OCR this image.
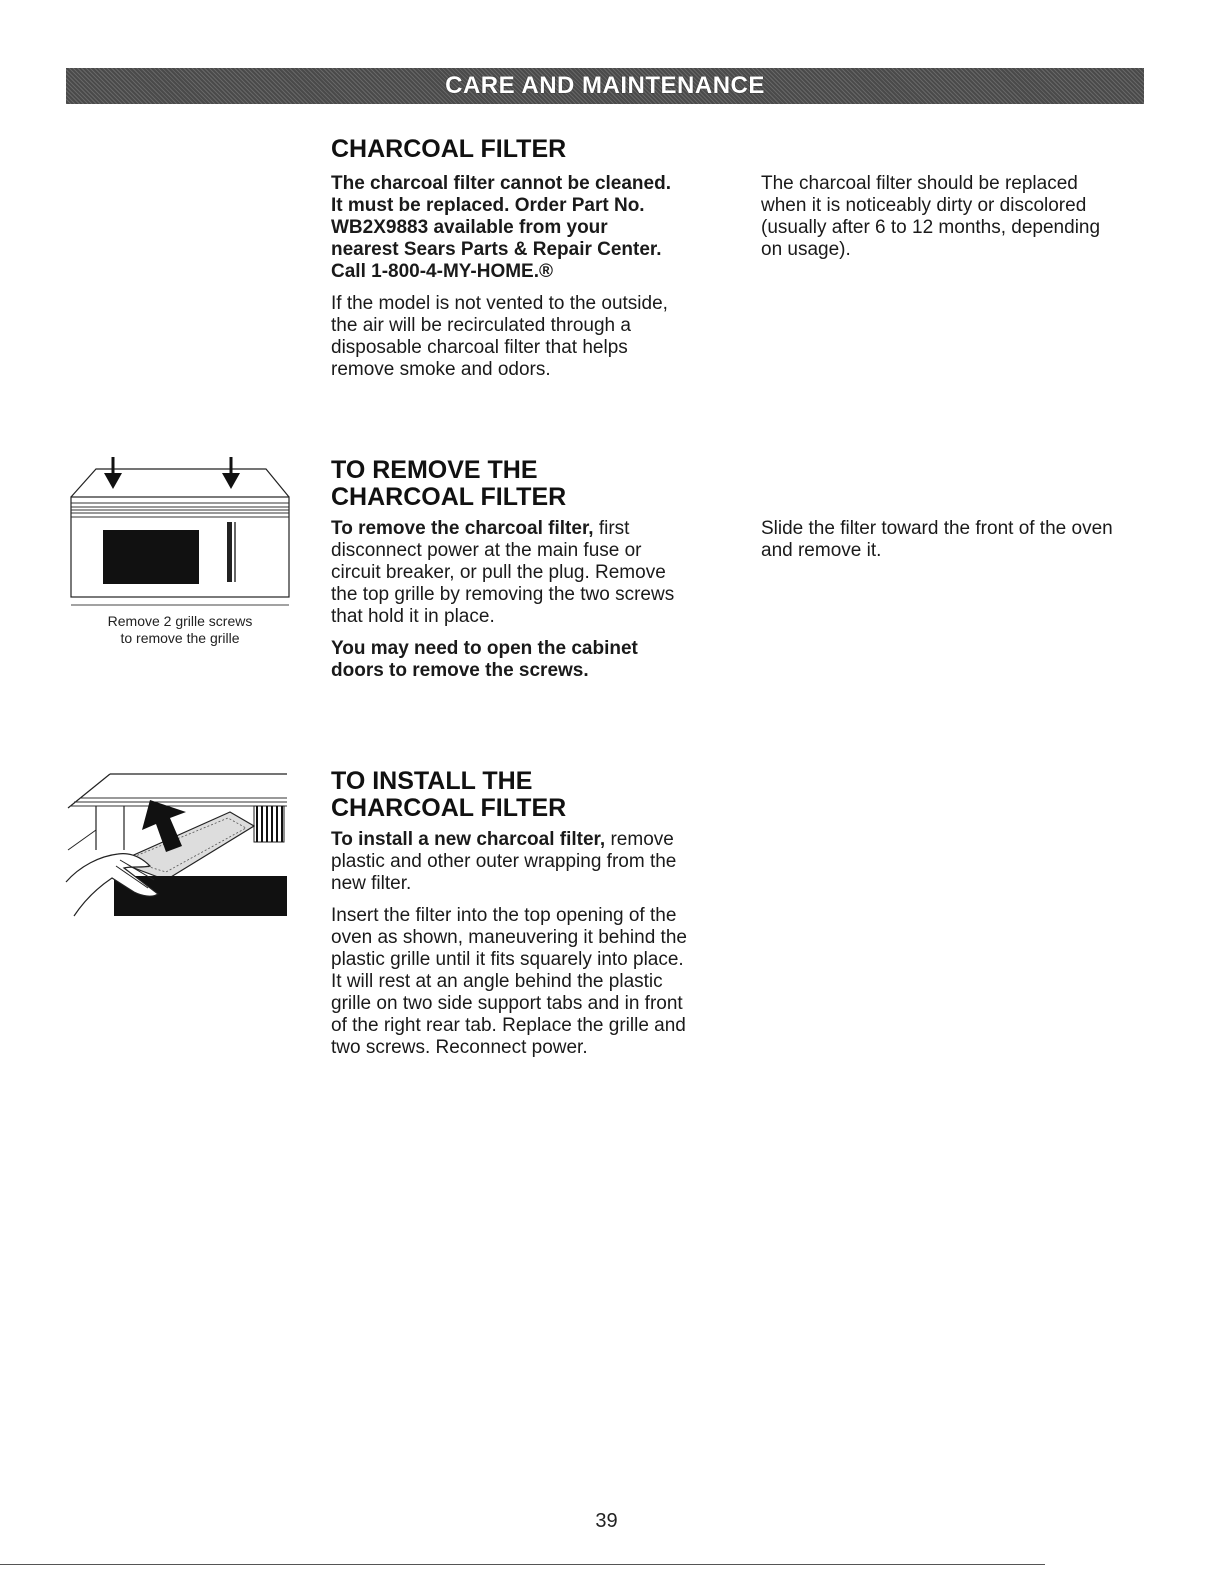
CARE AND MAINTENANCE
CHARCOAL FILTER

The charcoal filter cannot be cleaned.
It must be replaced. Order Part No.
WB2X9883 available from your
nearest Sears Parts & Repair Center.
Call 1-800-4-MY-HOME.®

If the model is not vented to the outside,
the air will be recirculated through a
disposable charcoal filter that helps
remove smoke and odors.

The charcoal filter should be replaced
when it is noticeably dirty or discolored
(usually after 6 to 12 months, depending
on usage).

Remove 2 grille screws
to remove the grille
TO REMOVE THE
CHARCOAL FILTER

To remove the charcoal filter, first
disconnect power at the main fuse or
circuit breaker, or pull the plug. Remove
the top grille by removing the two screws
that hold it in place.

You may need to open the cabinet
doors to remove the screws.

Slide the filter toward the front of the oven
and remove it.

TO INSTALL THE
CHARCOAL FILTER

To install a new charcoal filter, remove
plastic and other outer wrapping from the
new filter.

Insert the filter into the top opening of the
oven as shown, maneuvering it behind the
plastic grille until it fits squarely into place.
It will rest at an angle behind the plastic
grille on two side support tabs and in front
of the right rear tab. Replace the grille and
two screws. Reconnect power.

39
